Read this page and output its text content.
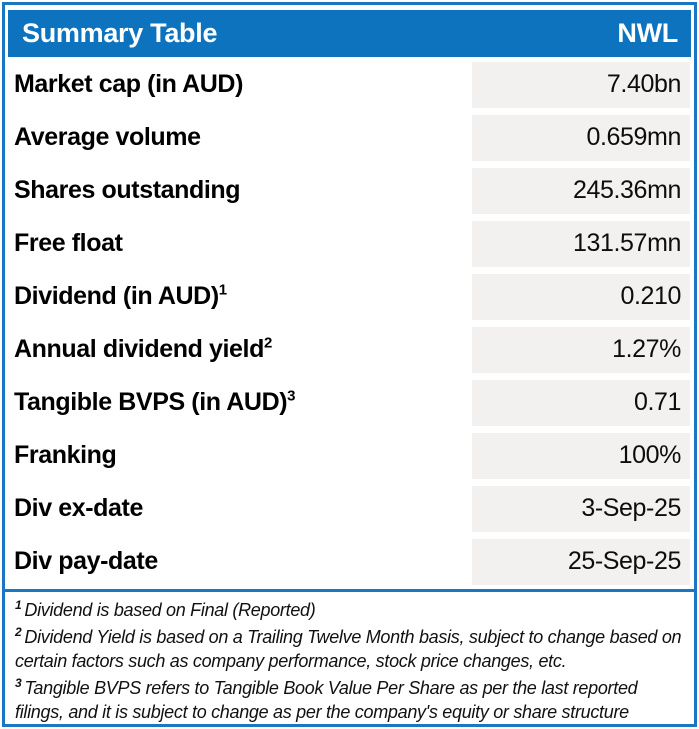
Summary Table	NWL
Market cap (in AUD)	7.40bn
Average volume	0.659mn
Shares outstanding	245.36mn
Free float	131.57mn
Dividend (in AUD)$^1$	0.210
Annual dividend yield$^2$	1.27%
Tangible BVPS (in AUD)$^3$	0.71
Franking	100%
Div ex-date	3-Sep-25
Div pay-date	25-Sep-25
$^1$ Dividend is based on Final (Reported)
$^2$ Dividend Yield is based on a Trailing Twelve Month basis, subject to change based on certain factors such as company performance, stock price changes, etc.
$^3$ Tangible BVPS refers to Tangible Book Value Per Share as per the last reported filings, and it is subject to change as per the company's equity or share structure
